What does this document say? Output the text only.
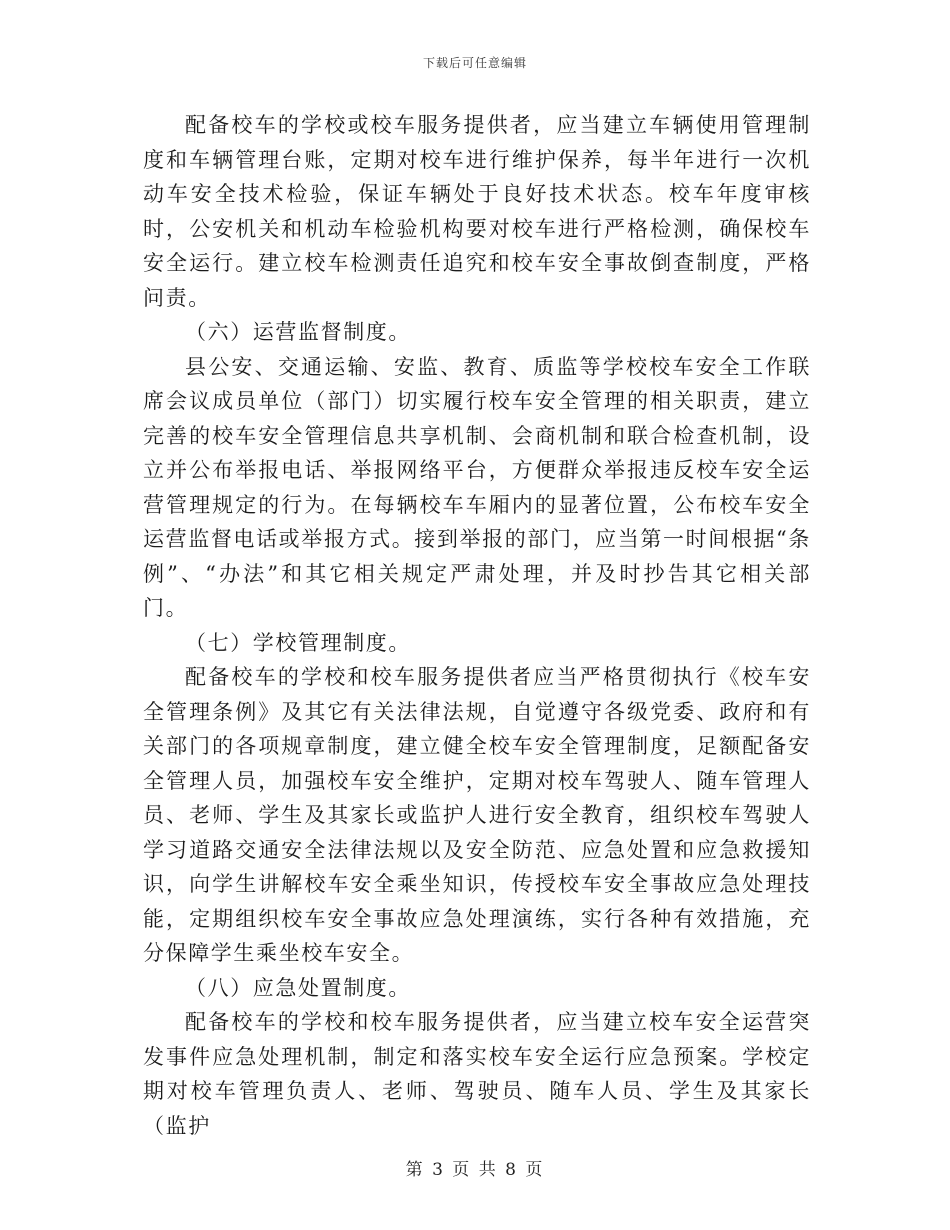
下载后可任意编辑

配备校车的学校或校车服务提供者，应当建立车辆使用管理制度和车辆管理台账，定期对校车进行维护保养，每半年进行一次机动车安全技术检验，保证车辆处于良好技术状态。校车年度审核时，公安机关和机动车检验机构要对校车进行严格检测，确保校车安全运行。建立校车检测责任追究和校车安全事故倒查制度，严格问责。

（六）运营监督制度。

县公安、交通运输、安监、教育、质监等学校校车安全工作联席会议成员单位（部门）切实履行校车安全管理的相关职责，建立完善的校车安全管理信息共享机制、会商机制和联合检查机制，设立并公布举报电话、举报网络平台，方便群众举报违反校车安全运营管理规定的行为。在每辆校车车厢内的显著位置，公布校车安全运营监督电话或举报方式。接到举报的部门，应当第一时间根据“条例”、“办法”和其它相关规定严肃处理，并及时抄告其它相关部门。

（七）学校管理制度。

配备校车的学校和校车服务提供者应当严格贯彻执行《校车安全管理条例》及其它有关法律法规，自觉遵守各级党委、政府和有关部门的各项规章制度，建立健全校车安全管理制度，足额配备安全管理人员，加强校车安全维护，定期对校车驾驶人、随车管理人员、老师、学生及其家长或监护人进行安全教育，组织校车驾驶人学习道路交通安全法律法规以及安全防范、应急处置和应急救援知识，向学生讲解校车安全乘坐知识，传授校车安全事故应急处理技能，定期组织校车安全事故应急处理演练，实行各种有效措施，充分保障学生乘坐校车安全。

（八）应急处置制度。

配备校车的学校和校车服务提供者，应当建立校车安全运营突发事件应急处理机制，制定和落实校车安全运行应急预案。学校定期对校车管理负责人、老师、驾驶员、随车人员、学生及其家长（监护

第 3 页 共 8 页
